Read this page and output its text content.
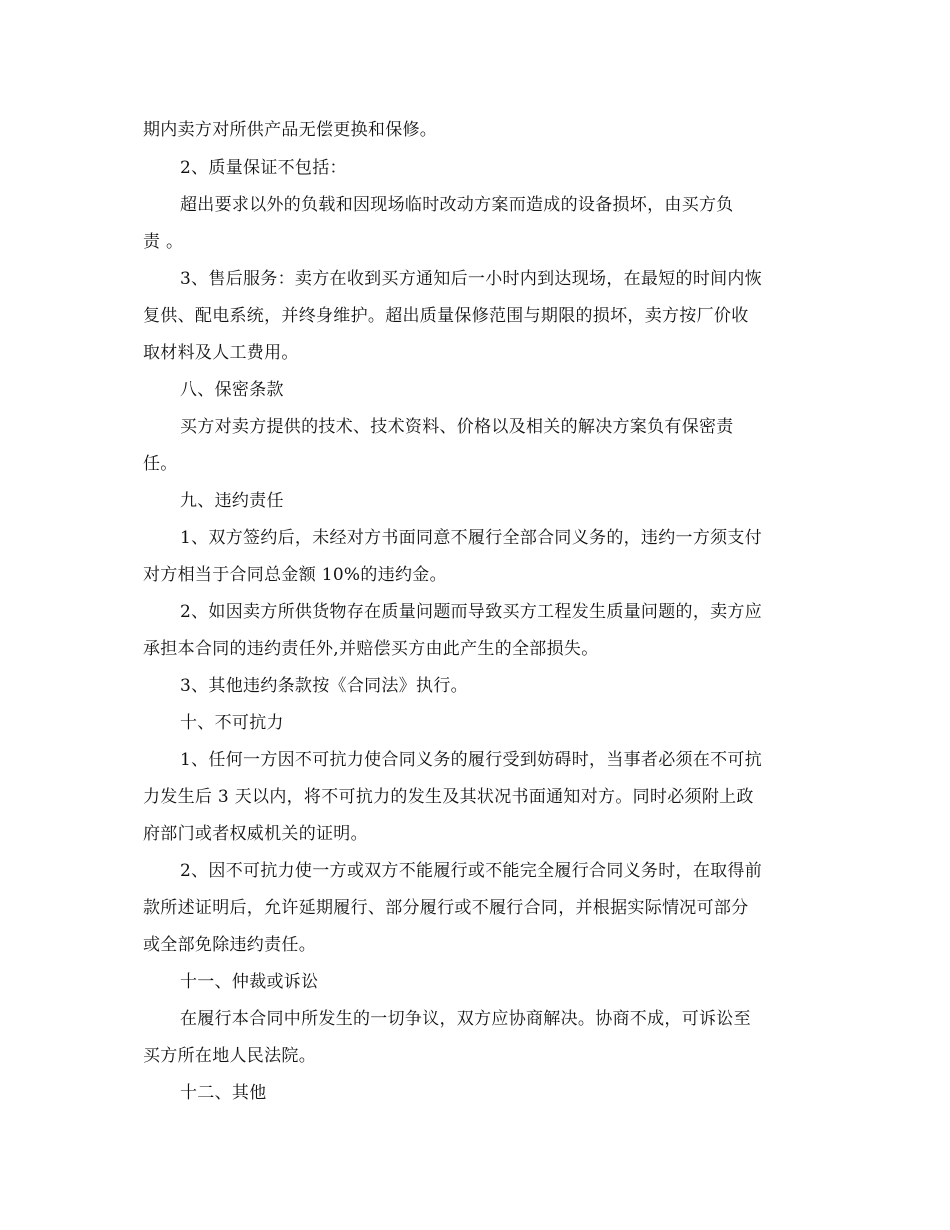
期内卖方对所供产品无偿更换和保修。
2、质量保证不包括：
超出要求以外的负载和因现场临时改动方案而造成的设备损坏，由买方负
责 。
3、售后服务：卖方在收到买方通知后一小时内到达现场，在最短的时间内恢
复供、配电系统，并终身维护。超出质量保修范围与期限的损坏，卖方按厂价收
取材料及人工费用。
八、保密条款
买方对卖方提供的技术、技术资料、价格以及相关的解决方案负有保密责
任。
九、违约责任
1、双方签约后，未经对方书面同意不履行全部合同义务的，违约一方须支付
对方相当于合同总金额 10%的违约金。
2、如因卖方所供货物存在质量问题而导致买方工程发生质量问题的，卖方应
承担本合同的违约责任外,并赔偿买方由此产生的全部损失。
3、其他违约条款按《合同法》执行。
十、不可抗力
1、任何一方因不可抗力使合同义务的履行受到妨碍时，当事者必须在不可抗
力发生后 3 天以内，将不可抗力的发生及其状况书面通知对方。同时必须附上政
府部门或者权威机关的证明。
2、因不可抗力使一方或双方不能履行或不能完全履行合同义务时，在取得前
款所述证明后，允许延期履行、部分履行或不履行合同，并根据实际情况可部分
或全部免除违约责任。
十一、仲裁或诉讼
在履行本合同中所发生的一切争议，双方应协商解决。协商不成，可诉讼至
买方所在地人民法院。
十二、其他
